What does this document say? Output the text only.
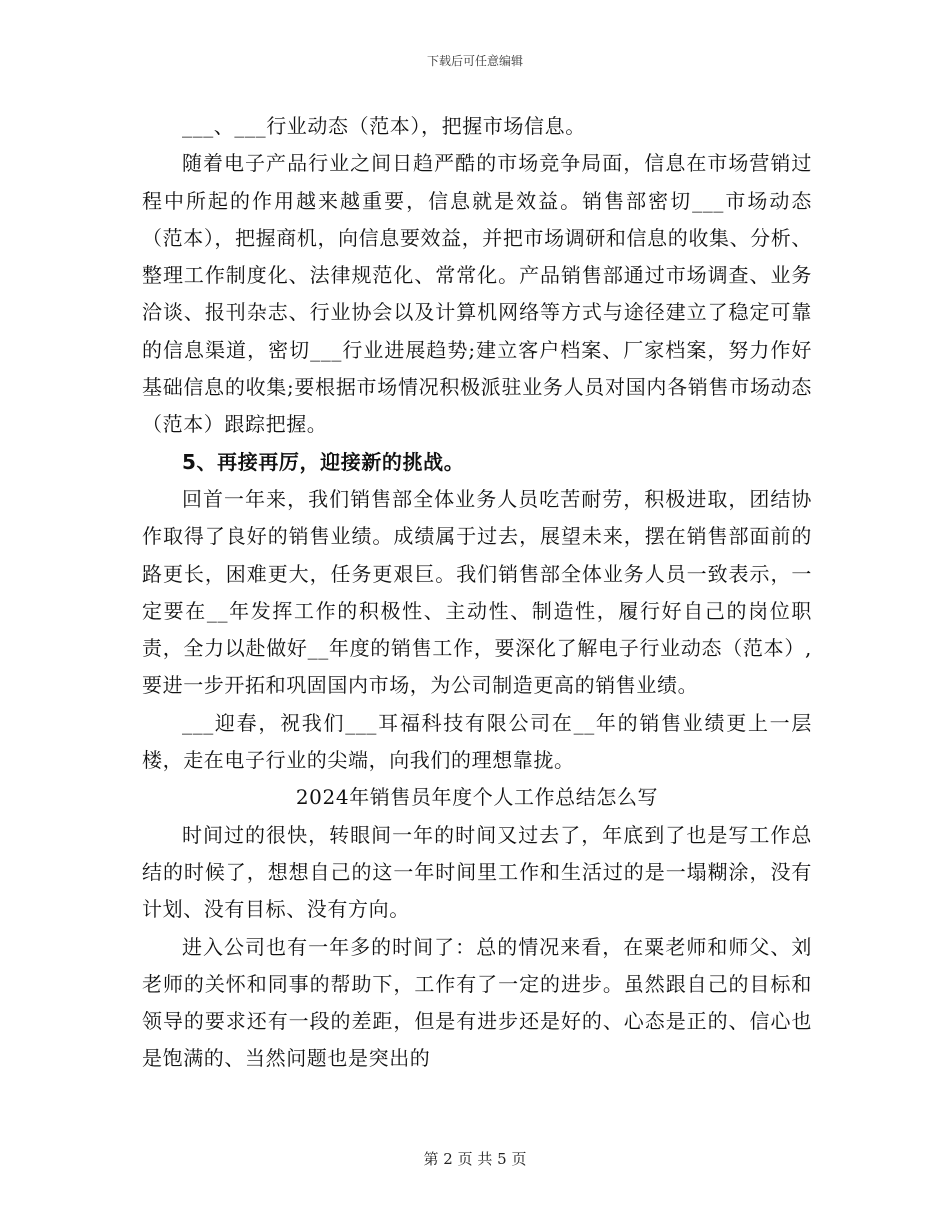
下载后可任意编辑

___、___行业动态（范本），把握市场信息。

随着电子产品行业之间日趋严酷的市场竞争局面，信息在市场营销过程中所起的作用越来越重要，信息就是效益。销售部密切___市场动态（范本），把握商机，向信息要效益，并把市场调研和信息的收集、分析、整理工作制度化、法律规范化、常常化。产品销售部通过市场调查、业务洽谈、报刊杂志、行业协会以及计算机网络等方式与途径建立了稳定可靠的信息渠道，密切___行业进展趋势;建立客户档案、厂家档案，努力作好基础信息的收集;要根据市场情况积极派驻业务人员对国内各销售市场动态（范本）跟踪把握。

5、再接再厉，迎接新的挑战。

回首一年来，我们销售部全体业务人员吃苦耐劳，积极进取，团结协作取得了良好的销售业绩。成绩属于过去，展望未来，摆在销售部面前的路更长，困难更大，任务更艰巨。我们销售部全体业务人员一致表示，一定要在__年发挥工作的积极性、主动性、制造性，履行好自己的岗位职责，全力以赴做好__年度的销售工作，要深化了解电子行业动态（范本）,要进一步开拓和巩固国内市场，为公司制造更高的销售业绩。

___迎春，祝我们___耳福科技有限公司在__年的销售业绩更上一层楼，走在电子行业的尖端，向我们的理想靠拢。

2024年销售员年度个人工作总结怎么写

时间过的很快，转眼间一年的时间又过去了，年底到了也是写工作总结的时候了，想想自己的这一年时间里工作和生活过的是一塌糊涂，没有计划、没有目标、没有方向。

进入公司也有一年多的时间了：总的情况来看，在粟老师和师父、刘老师的关怀和同事的帮助下，工作有了一定的进步。虽然跟自己的目标和领导的要求还有一段的差距，但是有进步还是好的、心态是正的、信心也是饱满的、当然问题也是突出的

第 2 页 共 5 页
